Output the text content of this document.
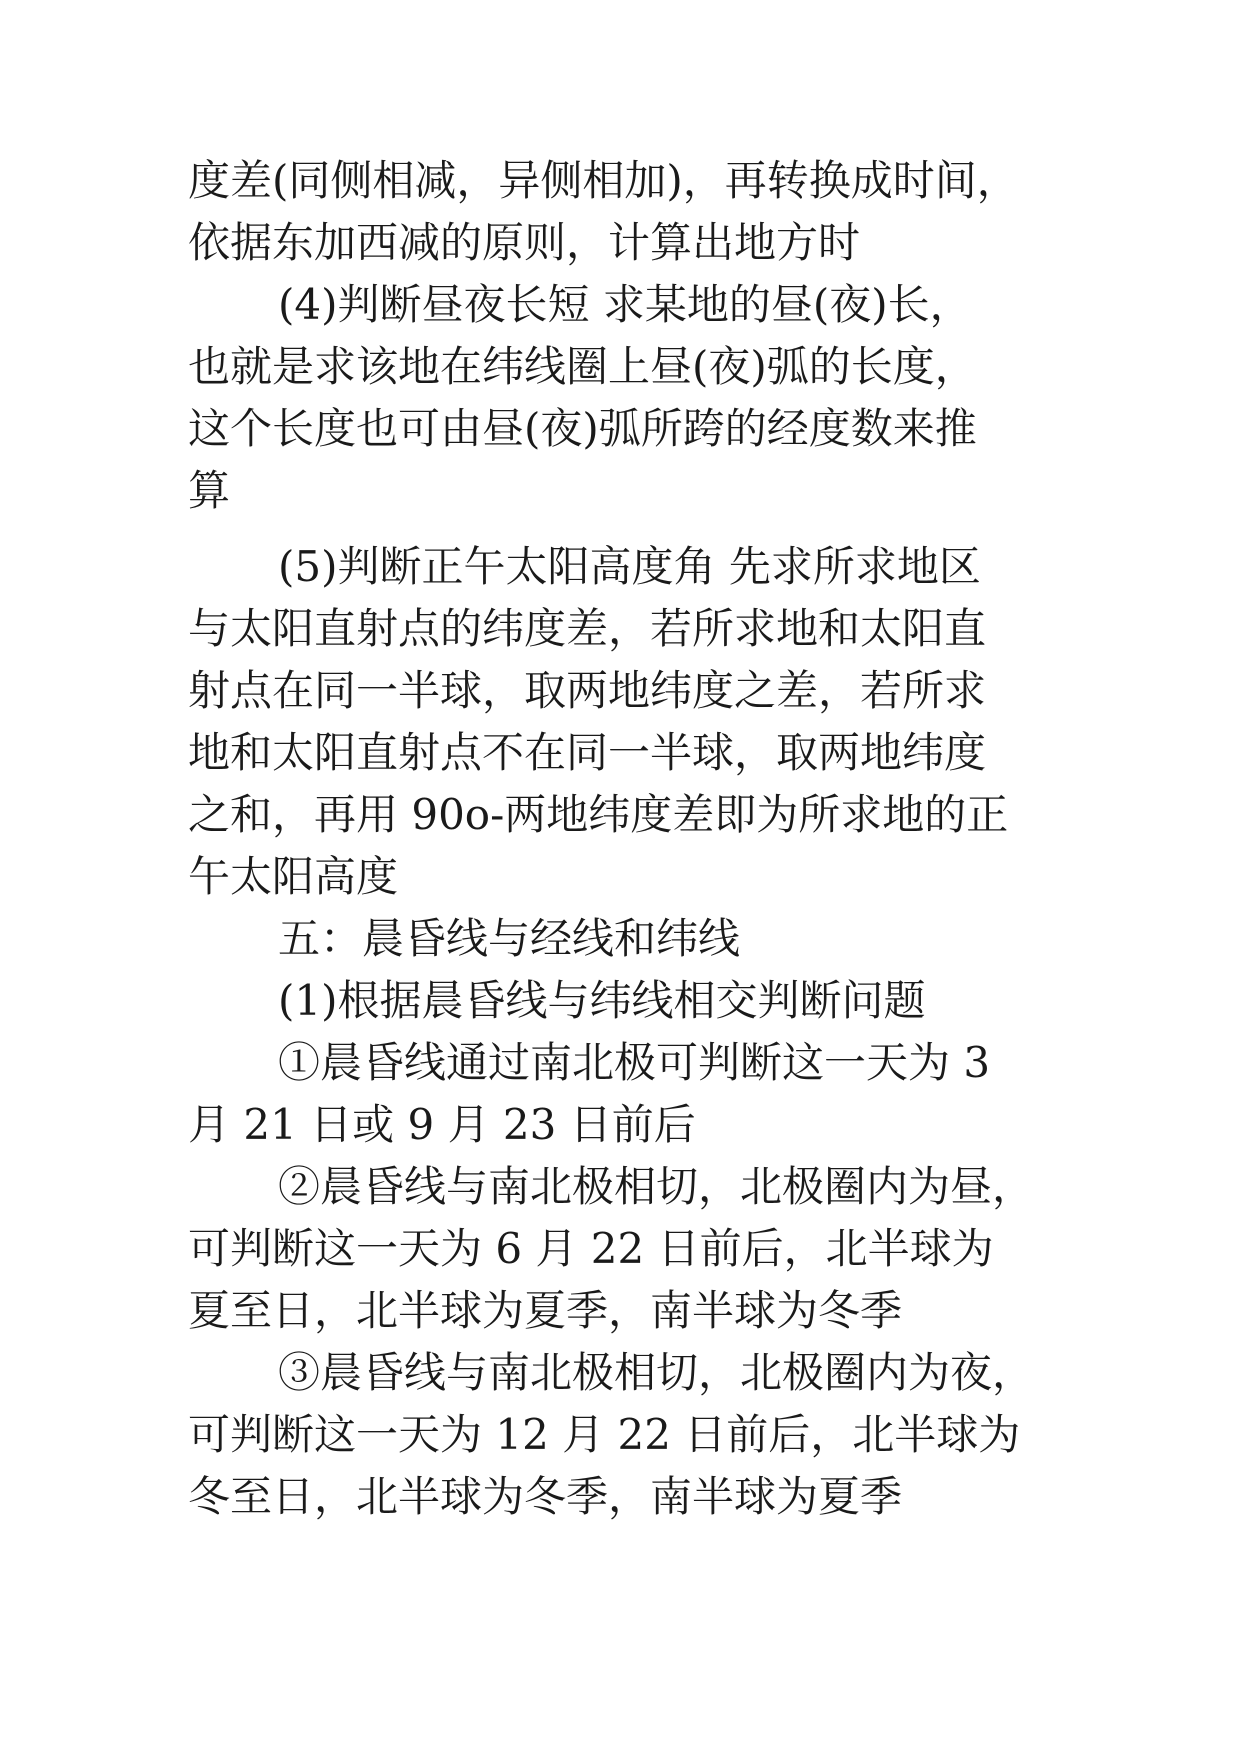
度差(同侧相减，异侧相加)，再转换成时间，
依据东加西减的原则，计算出地方时
(4)判断昼夜长短 求某地的昼(夜)长，
也就是求该地在纬线圈上昼(夜)弧的长度，
这个长度也可由昼(夜)弧所跨的经度数来推
算
(5)判断正午太阳高度角 先求所求地区
与太阳直射点的纬度差，若所求地和太阳直
射点在同一半球，取两地纬度之差，若所求
地和太阳直射点不在同一半球，取两地纬度
之和，再用 90o-两地纬度差即为所求地的正
午太阳高度
五：晨昏线与经线和纬线
(1)根据晨昏线与纬线相交判断问题
①晨昏线通过南北极可判断这一天为 3
月 21 日或 9 月 23 日前后
②晨昏线与南北极相切，北极圈内为昼，
可判断这一天为 6 月 22 日前后，北半球为
夏至日，北半球为夏季，南半球为冬季
③晨昏线与南北极相切，北极圈内为夜，
可判断这一天为 12 月 22 日前后，北半球为
冬至日，北半球为冬季，南半球为夏季
